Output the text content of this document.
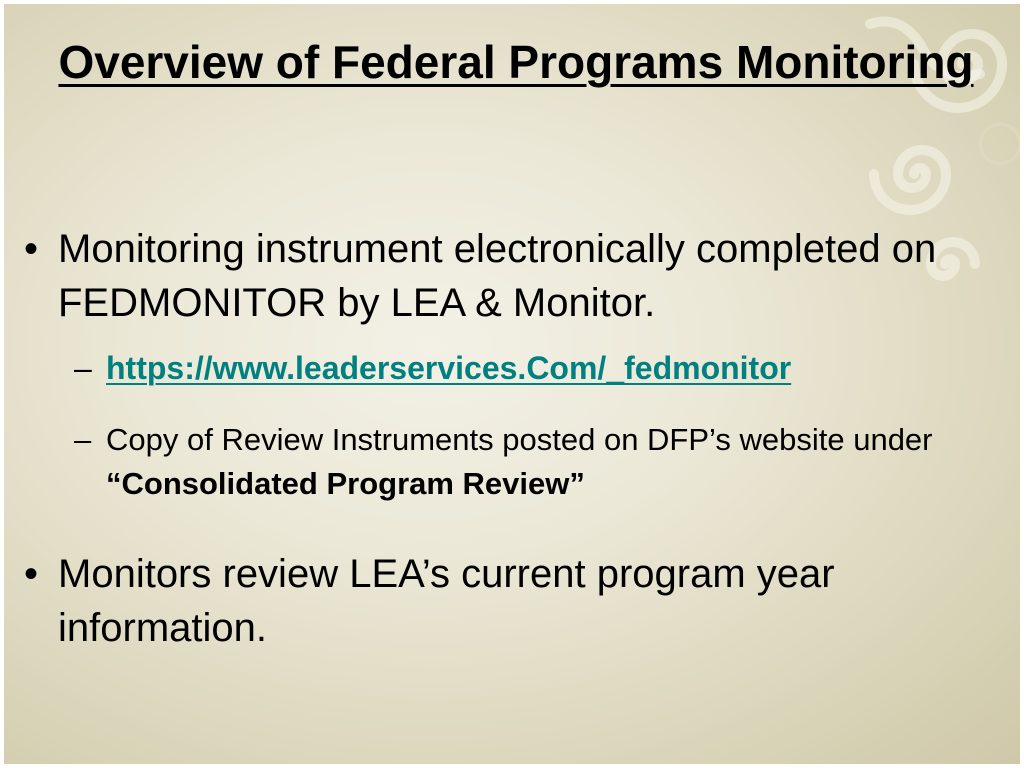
Overview of Federal Programs Monitoring
• Monitoring instrument electronically completed on FEDMONITOR by LEA & Monitor.
– https://www.leaderservices.Com/_fedmonitor
– Copy of Review Instruments posted on DFP’s website under “Consolidated Program Review”
• Monitors review LEA’s current program year information.
